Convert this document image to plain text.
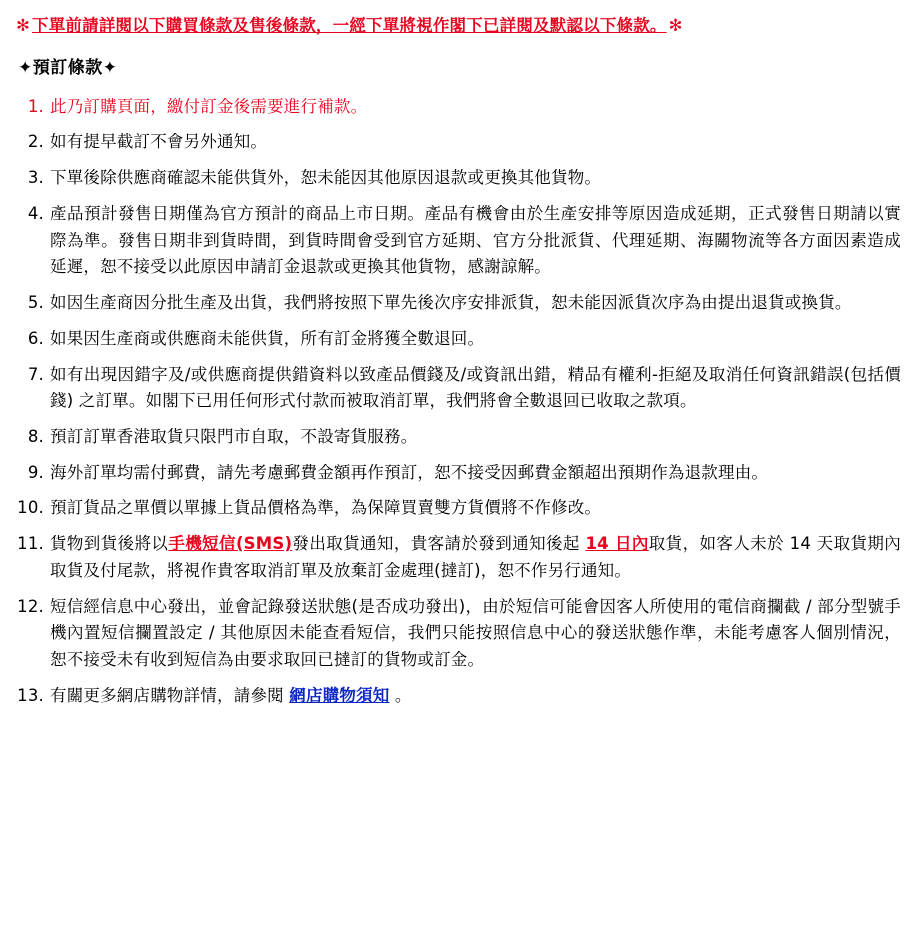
✻ 下單前請詳閱以下購買條款及售後條款，一經下單將視作閣下已詳閱及默認以下條款。 ✻
✦預訂條款✦
此乃訂購頁面，繳付訂金後需要進行補款。
如有提早截訂不會另外通知。
下單後除供應商確認未能供貨外，恕未能因其他原因退款或更換其他貨物。
產品預計發售日期僅為官方預計的商品上市日期。產品有機會由於生產安排等原因造成延期，正式發售日期請以實際為準。發售日期非到貨時間，到貨時間會受到官方延期、官方分批派貨、代理延期、海關物流等各方面因素造成延遲，恕不接受以此原因申請訂金退款或更換其他貨物，感謝諒解。
如因生產商因分批生產及出貨，我們將按照下單先後次序安排派貨，恕未能因派貨次序為由提出退貨或換貨。
如果因生產商或供應商未能供貨，所有訂金將獲全數退回。
如有出現因錯字及/或供應商提供錯資料以致產品價錢及/或資訊出錯，精品有權利-拒絕及取消任何資訊錯誤(包括價錢) 之訂單。如閣下已用任何形式付款而被取消訂單，我們將會全數退回已收取之款項。
預訂訂單香港取貨只限門市自取，不設寄貨服務。
海外訂單均需付郵費，請先考慮郵費金額再作預訂，恕不接受因郵費金額超出預期作為退款理由。
預訂貨品之單價以單據上貨品價格為準，為保障買賣雙方貨價將不作修改。
貨物到貨後將以手機短信(SMS)發出取貨通知，貴客請於發到通知後起 14 日內取貨，如客人未於 14 天取貨期內取貨及付尾款，將視作貴客取消訂單及放棄訂金處理(撻訂)，恕不作另行通知。
短信經信息中心發出，並會記錄發送狀態(是否成功發出)，由於短信可能會因客人所使用的電信商攔截 / 部分型號手機內置短信攔置設定 / 其他原因未能查看短信，我們只能按照信息中心的發送狀態作準，未能考慮客人個別情況，恕不接受未有收到短信為由要求取回已撻訂的貨物或訂金。
有關更多網店購物詳情，請參閱 網店購物須知 。
